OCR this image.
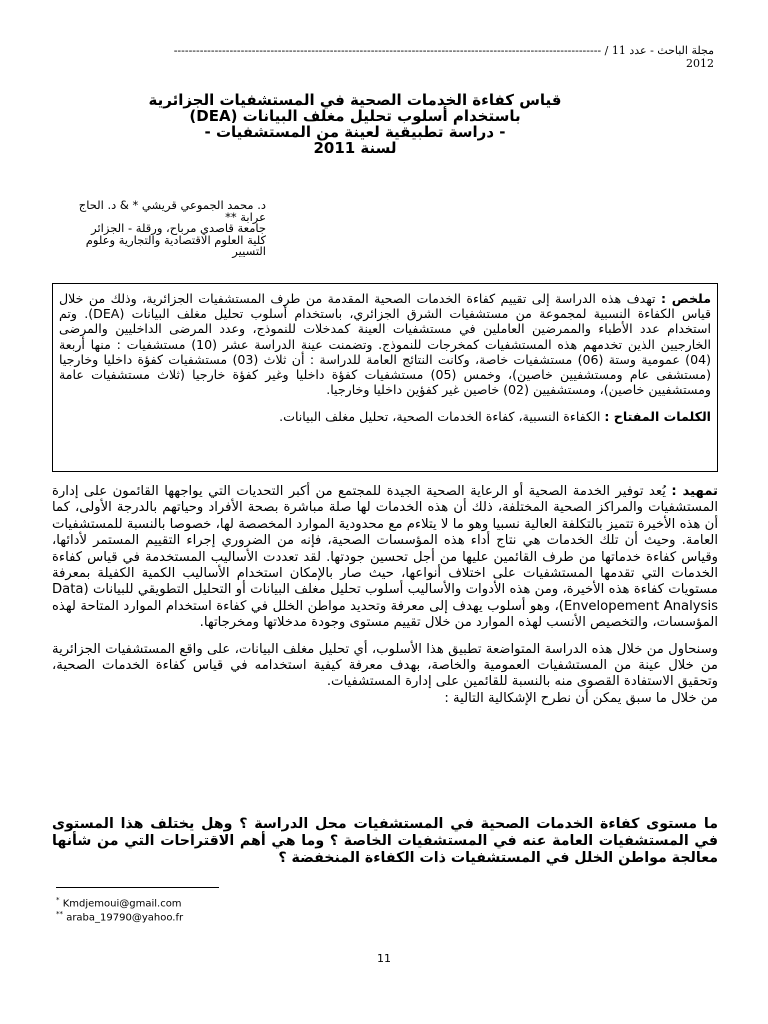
مجلة الباحث - عدد 11 / -------------------------------------------------------------------------------------------------------------------
2012
قياس كفاءة الخدمات الصحية في المستشفيات الجزائرية
باستخدام أسلوب تحليل مغلف البيانات (DEA)
- دراسة تطبيقية لعينة من المستشفيات -
لسنة 2011
د. محمد الجموعي قريشي * & د. الحاج عرابة **
جامعة قاصدي مرباح، ورقلة - الجزائر
كلية العلوم الاقتصادية والتجارية وعلوم التسيير
ملخص : تهدف هذه الدراسة إلى تقييم كفاءة الخدمات الصحية المقدمة من طرف المستشفيات الجزائرية، وذلك من خلال قياس الكفاءة النسبية لمجموعة من مستشفيات الشرق الجزائري، باستخدام أسلوب تحليل مغلف البيانات (DEA). وتم استخدام عدد الأطباء والممرضين العاملين في مستشفيات العينة كمدخلات للنموذج، وعدد المرضى الداخليين والمرضى الخارجيين الذين تخدمهم هذه المستشفيات كمخرجات للنموذج. وتضمنت عينة الدراسة عشر (10) مستشفيات : منها أربعة (04) عمومية وستة (06) مستشفيات خاصة، وكانت النتائج العامة للدراسة : أن ثلاث (03) مستشفيات كفؤة داخليا وخارجيا (مستشفى عام ومستشفيين خاصين)، وخمس (05) مستشفيات كفؤة داخليا وغير كفؤة خارجيا (ثلاث مستشفيات عامة ومستشفيين خاصين)، ومستشفيين (02) خاصين غير كفؤين داخليا وخارجيا.
الكلمات المفتاح : الكفاءة النسبية، كفاءة الخدمات الصحية، تحليل مغلف البيانات.

تمهيد : يُعد توفير الخدمة الصحية أو الرعاية الصحية الجيدة للمجتمع من أكبر التحديات التي يواجهها القائمون على إدارة المستشفيات والمراكز الصحية المختلفة، ذلك أن هذه الخدمات لها صلة مباشرة بصحة الأفراد وحياتهم بالدرجة الأولى، كما أن هذه الأخيرة تتميز بالتكلفة العالية نسبيا وهو ما لا يتلاءم مع محدودية الموارد المخصصة لها، خصوصا بالنسبة للمستشفيات العامة. وحيث أن تلك الخدمات هي نتاج أداء هذه المؤسسات الصحية، فإنه من الضروري إجراء التقييم المستمر لأدائها، وقياس كفاءة خدماتها من طرف القائمين عليها من أجل تحسين جودتها. لقد تعددت الأساليب المستخدمة في قياس كفاءة الخدمات التي تقدمها المستشفيات على اختلاف أنواعها، حيث صار بالإمكان استخدام الأساليب الكمية الكفيلة بمعرفة مستويات كفاءة هذه الأخيرة، ومن هذه الأدوات والأساليب أسلوب تحليل مغلف البيانات أو التحليل التطويقي للبيانات (Data Envelopement Analysis)، وهو أسلوب يهدف إلى معرفة وتحديد مواطن الخلل في كفاءة استخدام الموارد المتاحة لهذه المؤسسات، والتخصيص الأنسب لهذه الموارد من خلال تقييم مستوى وجودة مدخلاتها ومخرجاتها.

وسنحاول من خلال هذه الدراسة المتواضعة تطبيق هذا الأسلوب، أي تحليل مغلف البيانات، على واقع المستشفيات الجزائرية من خلال عينة من المستشفيات العمومية والخاصة، بهدف معرفة كيفية استخدامه في قياس كفاءة الخدمات الصحية، وتحقيق الاستفادة القصوى منه بالنسبة للقائمين على إدارة المستشفيات.

من خلال ما سبق يمكن أن نطرح الإشكالية التالية :

ما مستوى كفاءة الخدمات الصحية في المستشفيات محل الدراسة ؟ وهل يختلف هذا المستوى في المستشفيات العامة عنه في المستشفيات الخاصة ؟ وما هي أهم الاقتراحات التي من شأنها معالجة مواطن الخلل في المستشفيات ذات الكفاءة المنخفضة ؟
* Kmdjemoui@gmail.com
** araba_19790@yahoo.fr
11
